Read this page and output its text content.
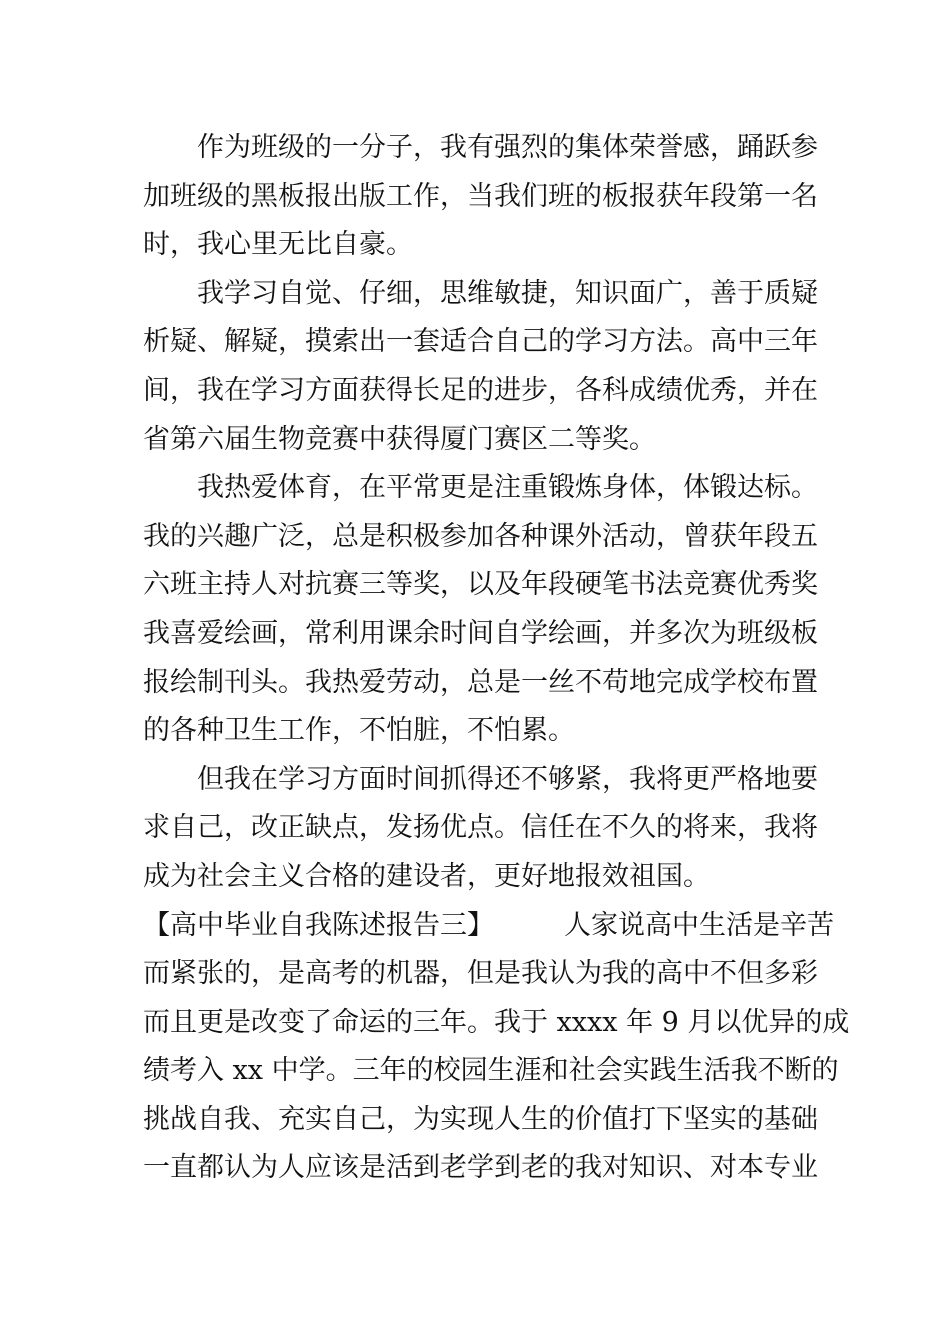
作为班级的一分子，我有强烈的集体荣誉感，踊跃参
加班级的黑板报出版工作，当我们班的板报获年段第一名
时，我心里无比自豪。

我学习自觉、仔细，思维敏捷，知识面广，善于质疑
析疑、解疑，摸索出一套适合自己的学习方法。高中三年
间，我在学习方面获得长足的进步，各科成绩优秀，并在
省第六届生物竞赛中获得厦门赛区二等奖。

我热爱体育，在平常更是注重锻炼身体，体锻达标。
我的兴趣广泛，总是积极参加各种课外活动，曾获年段五
六班主持人对抗赛三等奖，以及年段硬笔书法竞赛优秀奖
我喜爱绘画，常利用课余时间自学绘画，并多次为班级板
报绘制刊头。我热爱劳动，总是一丝不苟地完成学校布置
的各种卫生工作，不怕脏，不怕累。

但我在学习方面时间抓得还不够紧，我将更严格地要
求自己，改正缺点，发扬优点。信任在不久的将来，我将
成为社会主义合格的建设者，更好地报效祖国。

【高中毕业自我陈述报告三】	人家说高中生活是辛苦
而紧张的，是高考的机器，但是我认为我的高中不但多彩
而且更是改变了命运的三年。我于 xxxx 年 9 月以优异的成
绩考入 xx 中学。三年的校园生涯和社会实践生活我不断的
挑战自我、充实自己，为实现人生的价值打下坚实的基础
一直都认为人应该是活到老学到老的我对知识、对本专业
